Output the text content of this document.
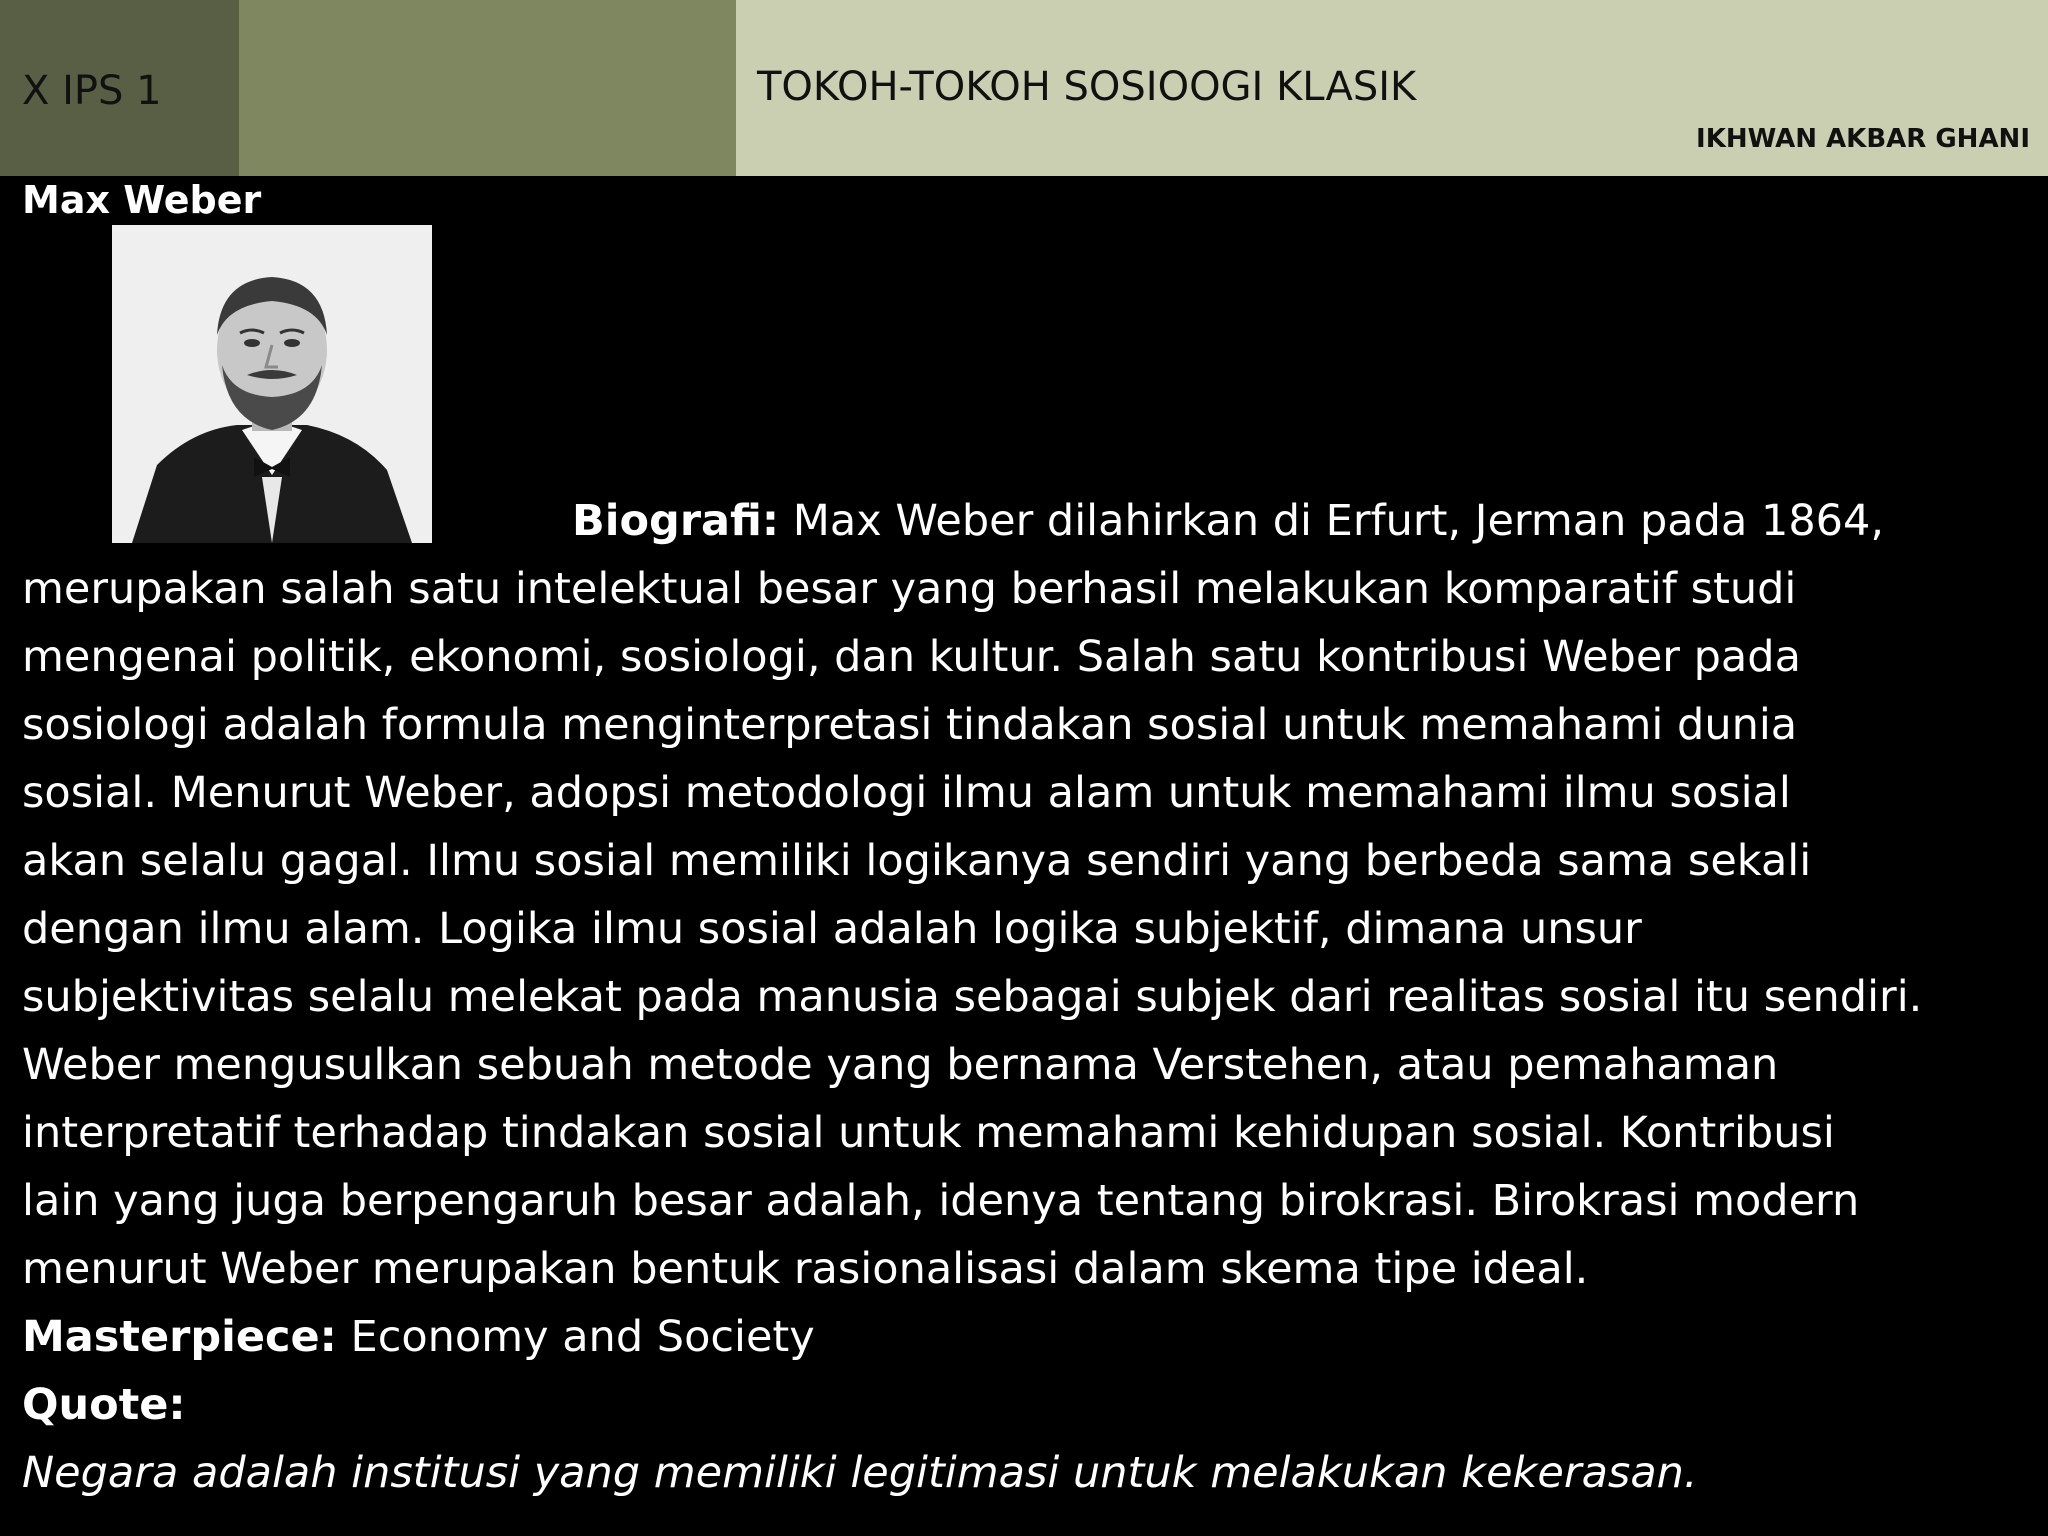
X IPS 1	TOKOH-TOKOH SOSIOOGI KLASIK
IKHWAN AKBAR GHANI
Max Weber
Biografi: Max Weber dilahirkan di Erfurt, Jerman pada 1864,
merupakan salah satu intelektual besar yang berhasil melakukan komparatif studi
mengenai politik, ekonomi, sosiologi, dan kultur. Salah satu kontribusi Weber pada
sosiologi adalah formula menginterpretasi tindakan sosial untuk memahami dunia
sosial. Menurut Weber, adopsi metodologi ilmu alam untuk memahami ilmu sosial
akan selalu gagal. Ilmu sosial memiliki logikanya sendiri yang berbeda sama sekali
dengan ilmu alam. Logika ilmu sosial adalah logika subjektif, dimana unsur
subjektivitas selalu melekat pada manusia sebagai subjek dari realitas sosial itu sendiri.
Weber mengusulkan sebuah metode yang bernama Verstehen, atau pemahaman
interpretatif terhadap tindakan sosial untuk memahami kehidupan sosial. Kontribusi
lain yang juga berpengaruh besar adalah, idenya tentang birokrasi. Birokrasi modern
menurut Weber merupakan bentuk rasionalisasi dalam skema tipe ideal.
Masterpiece: Economy and Society
Quote:
Negara adalah institusi yang memiliki legitimasi untuk melakukan kekerasan.
